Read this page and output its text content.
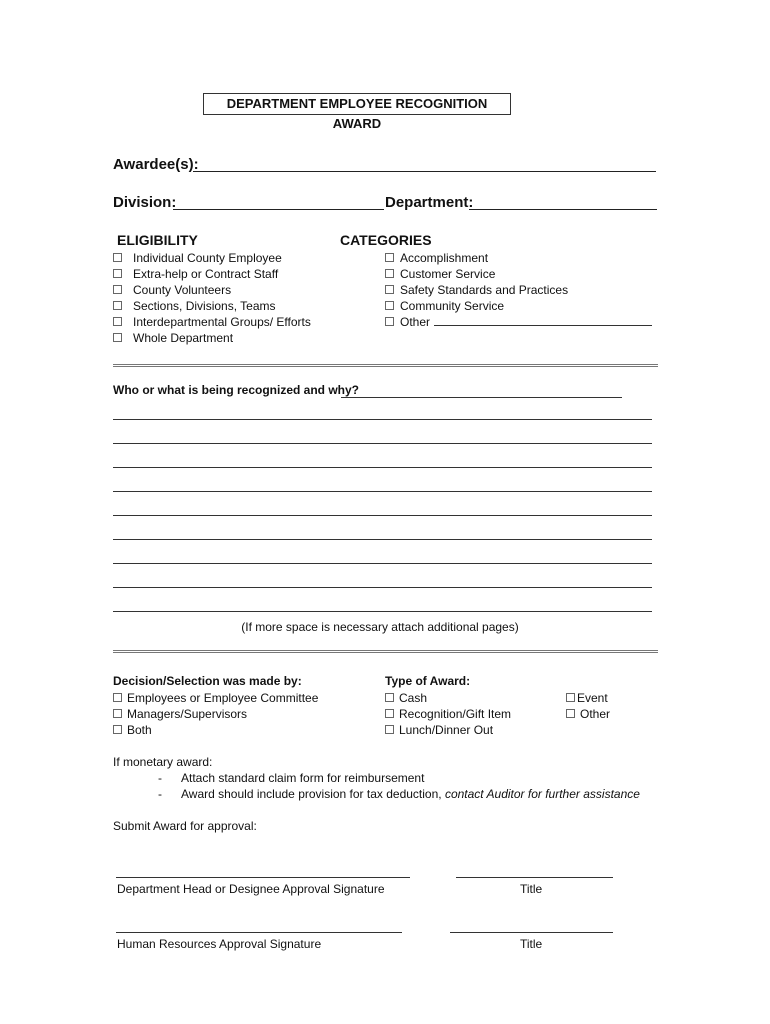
DEPARTMENT EMPLOYEE RECOGNITION AWARD
Awardee(s):
Division:	Department:
ELIGIBILITY
Individual County Employee
Extra-help or Contract Staff
County Volunteers
Sections, Divisions, Teams
Interdepartmental Groups/ Efforts
Whole Department
CATEGORIES
Accomplishment
Customer Service
Safety Standards and Practices
Community Service
Other
Who or what is being recognized and why?
(If more space is necessary attach additional pages)
Decision/Selection was made by:
Employees or Employee Committee
Managers/Supervisors
Both
Type of Award:
Cash
Recognition/Gift Item
Lunch/Dinner Out
Event
Other
If monetary award:
- Attach standard claim form for reimbursement
- Award should include provision for tax deduction, contact Auditor for further assistance
Submit Award for approval:
Department Head or Designee Approval Signature	Title
Human Resources Approval Signature	Title
